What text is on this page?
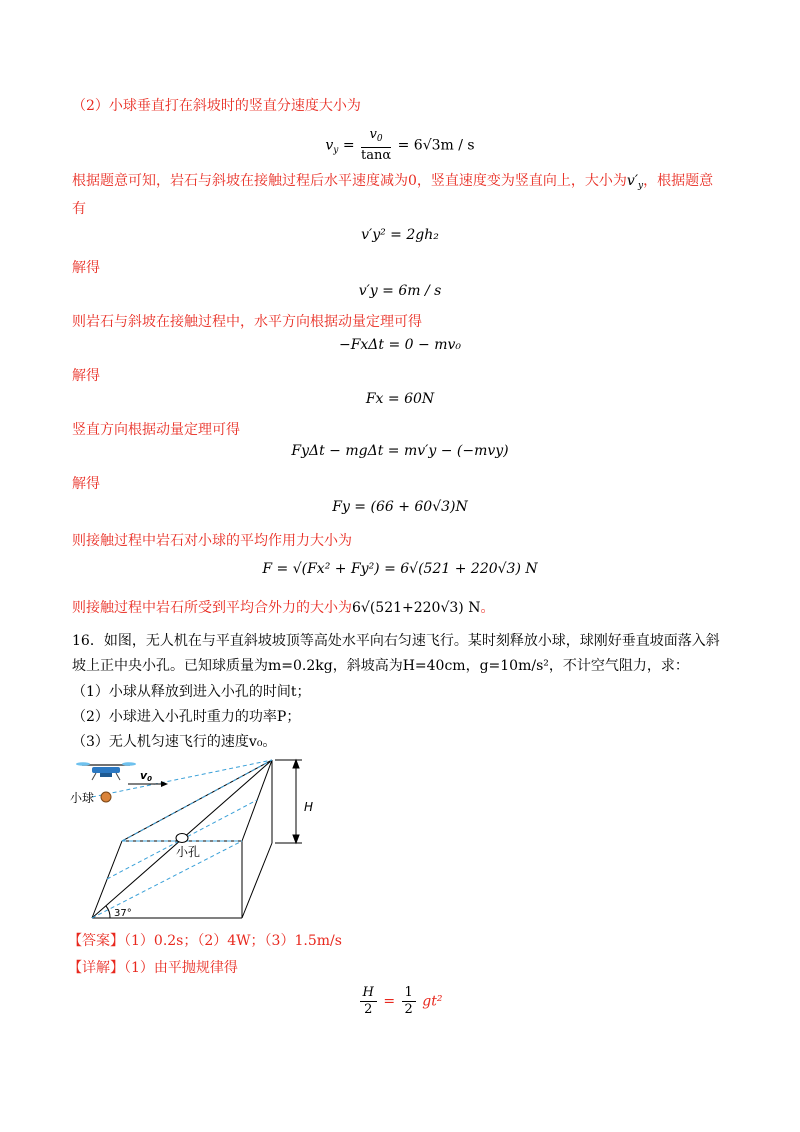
（2）小球垂直打在斜坡时的竖直分速度大小为
$v_y = \frac{v_0}{\tan\alpha} = 6√3m / s$
根据题意可知，岩石与斜坡在接触过程后水平速度减为0，竖直速度变为竖直向上，大小为$v'_y$，根据题意
有
v′y² = 2gh₂
解得
v′y = 6m / s
则岩石与斜坡在接触过程中，水平方向根据动量定理可得
−FxΔt = 0 − mv₀
解得
Fx = 60N
竖直方向根据动量定理可得
FyΔt − mgΔt = mv′y − (−mvy)
解得
Fy = (66 + 60√3)N
则接触过程中岩石对小球的平均作用力大小为
F = √(Fx² + Fy²) = 6√(521 + 220√3) N
则接触过程中岩石所受到平均合外力的大小为6√(521+220√3) N。
16．如图，无人机在与平直斜坡坡顶等高处水平向右匀速飞行。某时刻释放小球，球刚好垂直坡面落入斜
坡上正中央小孔。已知球质量为m=0.2kg，斜坡高为H=40cm，g=10m/s²，不计空气阻力，求：
（1）小球从释放到进入小孔的时间t；
（2）小球进入小孔时重力的功率P；
（3）无人机匀速飞行的速度v₀。
H
v0
小球
小孔
37°
【答案】（1）0.2s；（2）4W；（3）1.5m/s
【详解】（1）由平抛规律得
$\frac{H}{2} = \frac{1}{2} gt^2$
